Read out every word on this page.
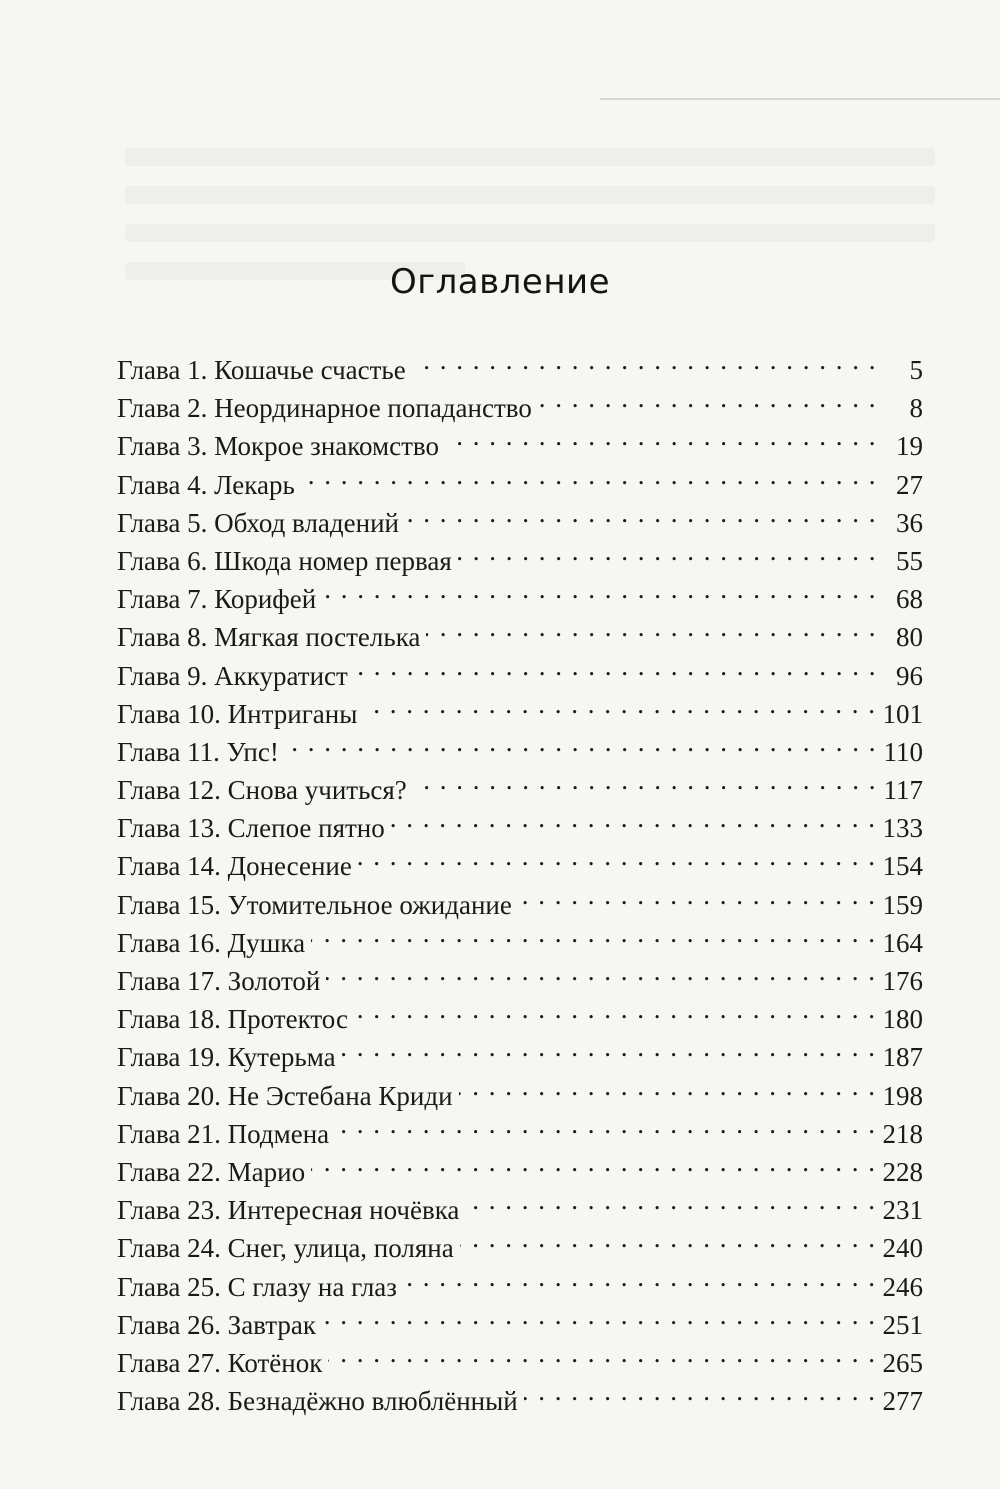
Оглавление
Глава 1. Кошачье счастье . . .	5
Глава 2. Неординарное попаданство . . .	8
Глава 3. Мокрое знакомство . . .	19
Глава 4. Лекарь . . .	27
Глава 5. Обход владений . . .	36
Глава 6. Шкода номер первая . . .	55
Глава 7. Корифей . . .	68
Глава 8. Мягкая постелька . . .	80
Глава 9. Аккуратист . . .	96
Глава 10. Интриганы . . .	101
Глава 11. Упс! . . .	110
Глава 12. Снова учиться? . . .	117
Глава 13. Слепое пятно . . .	133
Глава 14. Донесение . . .	154
Глава 15. Утомительное ожидание . . .	159
Глава 16. Душка . . .	164
Глава 17. Золотой . . .	176
Глава 18. Протектос . . .	180
Глава 19. Кутерьма . . .	187
Глава 20. Не Эстебана Криди . . .	198
Глава 21. Подмена . . .	218
Глава 22. Марио . . .	228
Глава 23. Интересная ночёвка . . .	231
Глава 24. Снег, улица, поляна . . .	240
Глава 25. С глазу на глаз . . .	246
Глава 26. Завтрак . . .	251
Глава 27. Котёнок . . .	265
Глава 28. Безнадёжно влюблённый . . .	277
